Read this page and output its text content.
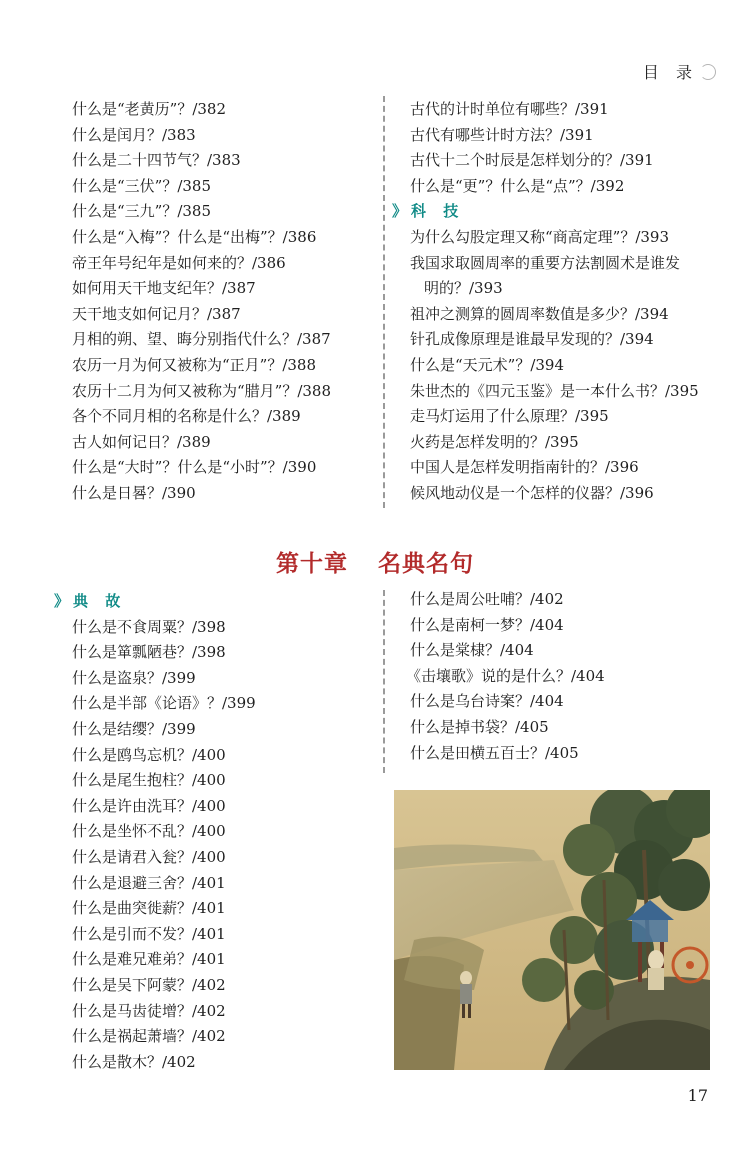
目 录
什么是“老黄历”？/382
什么是闰月？/383
什么是二十四节气？/383
什么是“三伏”？/385
什么是“三九”？/385
什么是“入梅”？什么是“出梅”？/386
帝王年号纪年是如何来的？/386
如何用天干地支纪年？/387
天干地支如何记月？/387
月相的朔、望、晦分别指代什么？/387
农历一月为何又被称为“正月”？/388
农历十二月为何又被称为“腊月”？/388
各个不同月相的名称是什么？/389
古人如何记日？/389
什么是“大时”？什么是“小时”？/390
什么是日晷？/390
古代的计时单位有哪些？/391
古代有哪些计时方法？/391
古代十二个时辰是怎样划分的？/391
什么是“更”？什么是“点”？/392
》 科 技
为什么勾股定理又称“商高定理”？/393
我国求取圆周率的重要方法割圆术是谁发
明的？/393
祖冲之测算的圆周率数值是多少？/394
针孔成像原理是谁最早发现的？/394
什么是“天元术”？/394
朱世杰的《四元玉鉴》是一本什么书？/395
走马灯运用了什么原理？/395
火药是怎样发明的？/395
中国人是怎样发明指南针的？/396
候风地动仪是一个怎样的仪器？/396
第十章 名典名句
》 典 故
什么是不食周粟？/398
什么是箪瓢陋巷？/398
什么是盗泉？/399
什么是半部《论语》？/399
什么是结缨？/399
什么是鸥鸟忘机？/400
什么是尾生抱柱？/400
什么是许由洗耳？/400
什么是坐怀不乱？/400
什么是请君入瓮？/400
什么是退避三舍？/401
什么是曲突徙薪？/401
什么是引而不发？/401
什么是难兄难弟？/401
什么是吴下阿蒙？/402
什么是马齿徒增？/402
什么是祸起萧墙？/402
什么是散木？/402
什么是周公吐哺？/402
什么是南柯一梦？/404
什么是棠棣？/404
《击壤歌》说的是什么？/404
什么是乌台诗案？/404
什么是掉书袋？/405
什么是田横五百士？/405
17
